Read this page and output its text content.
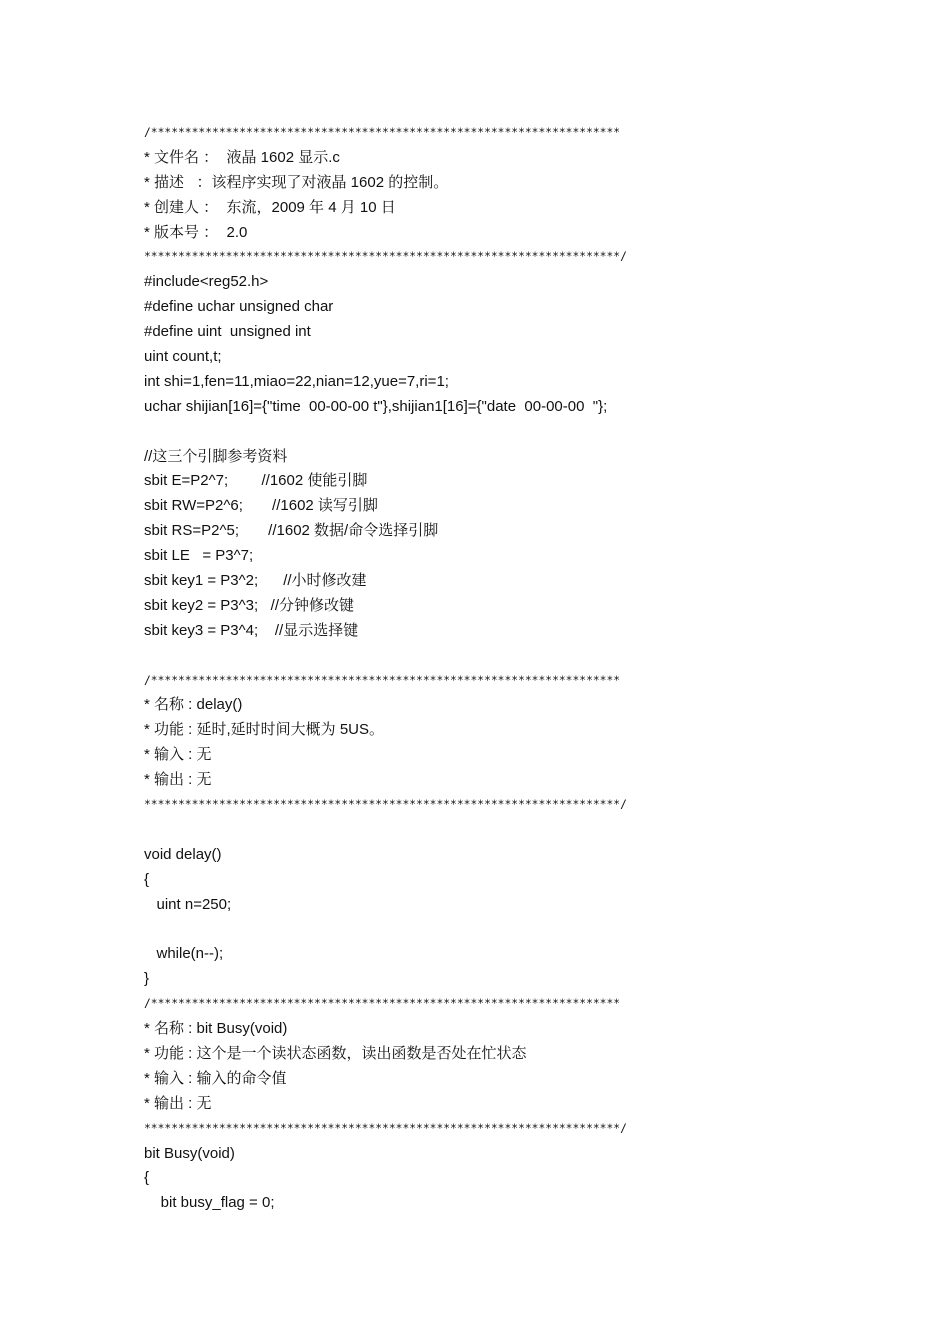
/*********************************************************************
* 文件名 ：  液晶 1602 显示.c
* 描述   ：该程序实现了对液晶 1602 的控制。
* 创建人 ：  东流，2009 年 4 月 10 日
* 版本号 ：  2.0
**********************************************************************/
#include<reg52.h>
#define uchar unsigned char
#define uint  unsigned int
uint count,t;
int shi=1,fen=11,miao=22,nian=12,yue=7,ri=1;
uchar shijian[16]={"time  00-00-00 t"},shijian1[16]={"date  00-00-00  "};
//这三个引脚参考资料
sbit E=P2^7;        //1602 使能引脚
sbit RW=P2^6;       //1602 读写引脚
sbit RS=P2^5;       //1602 数据/命令选择引脚
sbit LE   = P3^7;
sbit key1 = P3^2;      //小时修改建
sbit key2 = P3^3;   //分钟修改键
sbit key3 = P3^4;    //显示选择键
/*********************************************************************
* 名称 : delay()
* 功能 : 延时,延时时间大概为 5US。
* 输入 : 无
* 输出 : 无
**********************************************************************/
void delay()
{
uint n=250;
while(n--);
}
/*********************************************************************
* 名称 : bit Busy(void)
* 功能 : 这个是一个读状态函数，读出函数是否处在忙状态
* 输入 : 输入的命令值
* 输出 : 无
**********************************************************************/
bit Busy(void)
{
bit busy_flag = 0;
